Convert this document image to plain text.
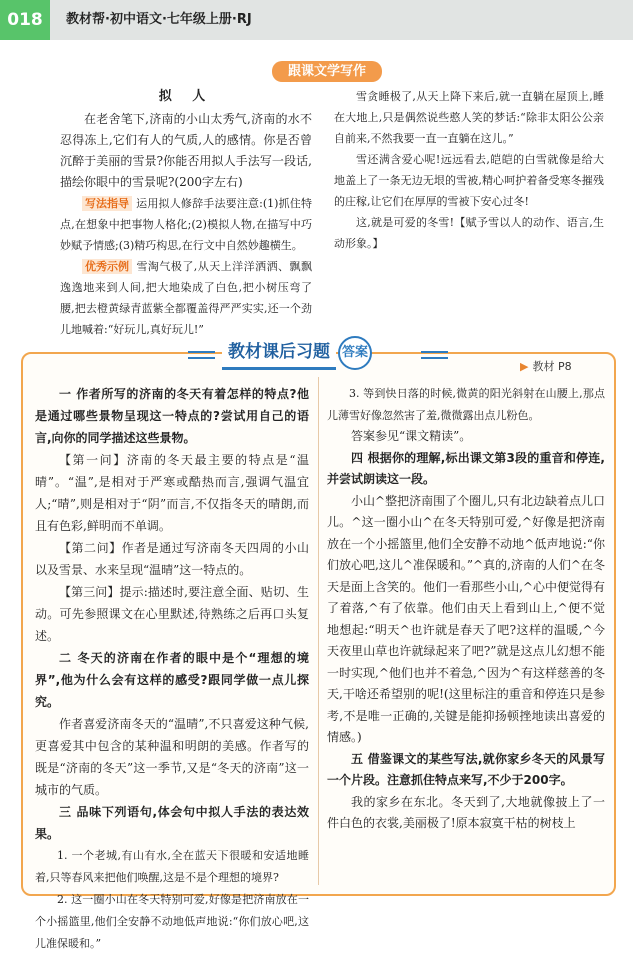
018	教材帮·初中语文·七年级上册·RJ
跟课文学写作

拟 人

在老舍笔下,济南的小山太秀气,济南的水不忍得冻上,它们有人的气质,人的感情。你是否曾沉醉于美丽的雪景?你能否用拟人手法写一段话,描绘你眼中的雪景呢?(200字左右)

写法指导 运用拟人修辞手法要注意:(1)抓住特点,在想象中把事物人格化;(2)模拟人物,在描写中巧妙赋予情感;(3)精巧构思,在行文中自然妙趣横生。

优秀示例 雪淘气极了,从天上洋洋洒洒、飘飘逸逸地来到人间,把大地染成了白色,把小树压弯了腰,把去橙黄绿青蓝紫全都覆盖得严严实实,还一个劲儿地喊着:“好玩儿,真好玩儿!”

雪贪睡极了,从天上降下来后,就一直躺在屋顶上,睡在大地上,只是偶然说些憨人笑的梦话:“除非太阳公公亲自前来,不然我要一直一直躺在这儿。”

雪还满含爱心呢!远远看去,皑皑的白雪就像是给大地盖上了一条无边无垠的雪被,精心呵护着备受寒冬摧残的庄稼,让它们在厚厚的雪被下安心过冬!

这,就是可爱的冬雪!【赋予雪以人的动作、语言,生动形象。】

教材课后习题 答案
▶ 教材 P8

一 作者所写的济南的冬天有着怎样的特点?他是通过哪些景物呈现这一特点的?尝试用自己的语言,向你的同学描述这些景物。

【第一问】济南的冬天最主要的特点是“温晴”。“温”,是相对于严寒或酷热而言,强调气温宜人;“晴”,则是相对于“阴”而言,不仅指冬天的晴朗,而且有色彩,鲜明而不单调。

【第二问】作者是通过写济南冬天四周的小山以及雪景、水来呈现“温晴”这一特点的。

【第三问】提示:描述时,要注意全面、贴切、生动。可先参照课文在心里默述,待熟练之后再口头复述。

二 冬天的济南在作者的眼中是个“理想的境界”,他为什么会有这样的感受?跟同学做一点儿探究。

作者喜爱济南冬天的“温晴”,不只喜爱这种气候,更喜爱其中包含的某种温和明朗的美感。作者写的既是“济南的冬天”这一季节,又是“冬天的济南”这一城市的气质。

三 品味下列语句,体会句中拟人手法的表达效果。

1. 一个老城,有山有水,全在蓝天下很暖和安适地睡着,只等春风来把他们唤醒,这是不是个理想的境界?

2. 这一圈小山在冬天特别可爱,好像是把济南放在一个小摇篮里,他们全安静不动地低声地说:“你们放心吧,这儿准保暖和。”

3. 等到快日落的时候,微黄的阳光斜射在山腰上,那点儿薄雪好像忽然害了羞,微微露出点儿粉色。

答案参见“课文精读”。

四 根据你的理解,标出课文第3段的重音和停连,并尝试朗读这一段。

小山^整把济南围了个圈儿,只有北边缺着点儿口儿。^这一圈小山^在冬天特别可爱,^好像是把济南放在一个小摇篮里,他们全安静不动地^低声地说:“你们放心吧,这儿^准保暖和。”^真的,济南的人们^在冬天是面上含笑的。他们一看那些小山,^心中便觉得有了着落,^有了依靠。他们由天上看到山上,^便不觉地想起:“明天^也许就是春天了吧?这样的温暖,^今天夜里山草也许就绿起来了吧?”就是这点儿幻想不能一时实现,^他们也并不着急,^因为^有这样慈善的冬天,干啥还希望别的呢!(这里标注的重音和停连只是参考,不是唯一正确的,关键是能抑扬顿挫地读出喜爱的情感。)

五 借鉴课文的某些写法,就你家乡冬天的风景写一个片段。注意抓住特点来写,不少于200字。

我的家乡在东北。冬天到了,大地就像披上了一件白色的衣裳,美丽极了!原本寂寞干枯的树枝上
